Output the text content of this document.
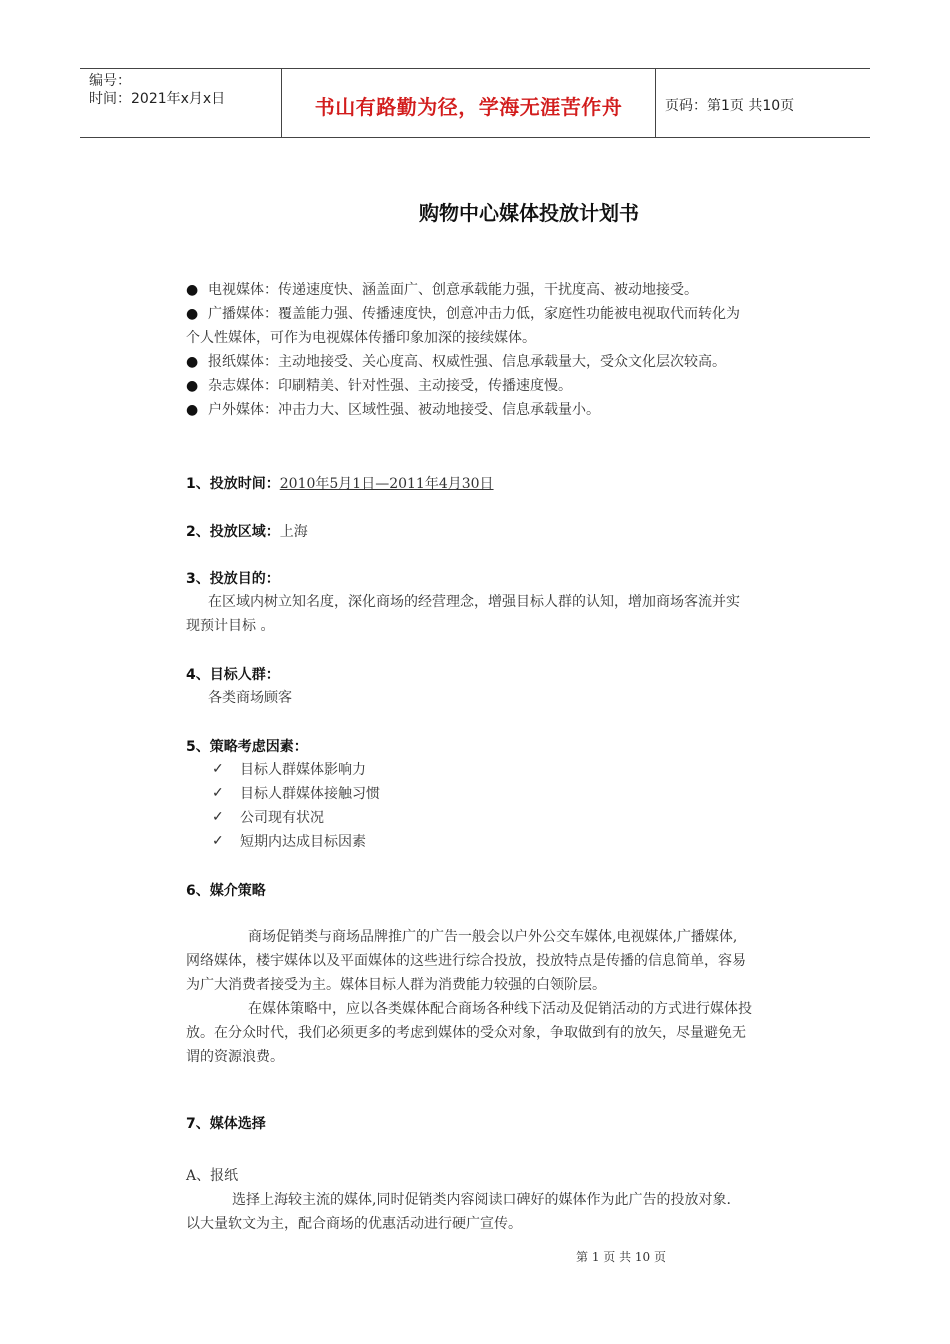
编号：
时间：2021年x月x日	书山有路勤为径，学海无涯苦作舟	页码：第1页 共10页
购物中心媒体投放计划书
● 电视媒体：传递速度快、涵盖面广、创意承载能力强，干扰度高、被动地接受。
● 广播媒体：覆盖能力强、传播速度快，创意冲击力低，家庭性功能被电视取代而转化为
个人性媒体，可作为电视媒体传播印象加深的接续媒体。
● 报纸媒体：主动地接受、关心度高、权威性强、信息承载量大，受众文化层次较高。
● 杂志媒体：印刷精美、针对性强、主动接受，传播速度慢。
● 户外媒体：冲击力大、区域性强、被动地接受、信息承载量小。
1、投放时间：2010年5月1日—2011年4月30日
2、投放区域：上海
3、投放目的：
在区域内树立知名度，深化商场的经营理念，增强目标人群的认知，增加商场客流并实
现预计目标 。
4、目标人群：
各类商场顾客
5、策略考虑因素：
✓ 目标人群媒体影响力
✓ 目标人群媒体接触习惯
✓ 公司现有状况
✓ 短期内达成目标因素
6、媒介策略
商场促销类与商场品牌推广的广告一般会以户外公交车媒体,电视媒体,广播媒体,
网络媒体，楼宇媒体以及平面媒体的这些进行综合投放，投放特点是传播的信息简单，容易
为广大消费者接受为主。媒体目标人群为消费能力较强的白领阶层。
在媒体策略中，应以各类媒体配合商场各种线下活动及促销活动的方式进行媒体投
放。在分众时代，我们必须更多的考虑到媒体的受众对象，争取做到有的放矢，尽量避免无
谓的资源浪费。
7、媒体选择
A、报纸
选择上海较主流的媒体,同时促销类内容阅读口碑好的媒体作为此广告的投放对象.
以大量软文为主，配合商场的优惠活动进行硬广宣传。
第 1 页 共 10 页
